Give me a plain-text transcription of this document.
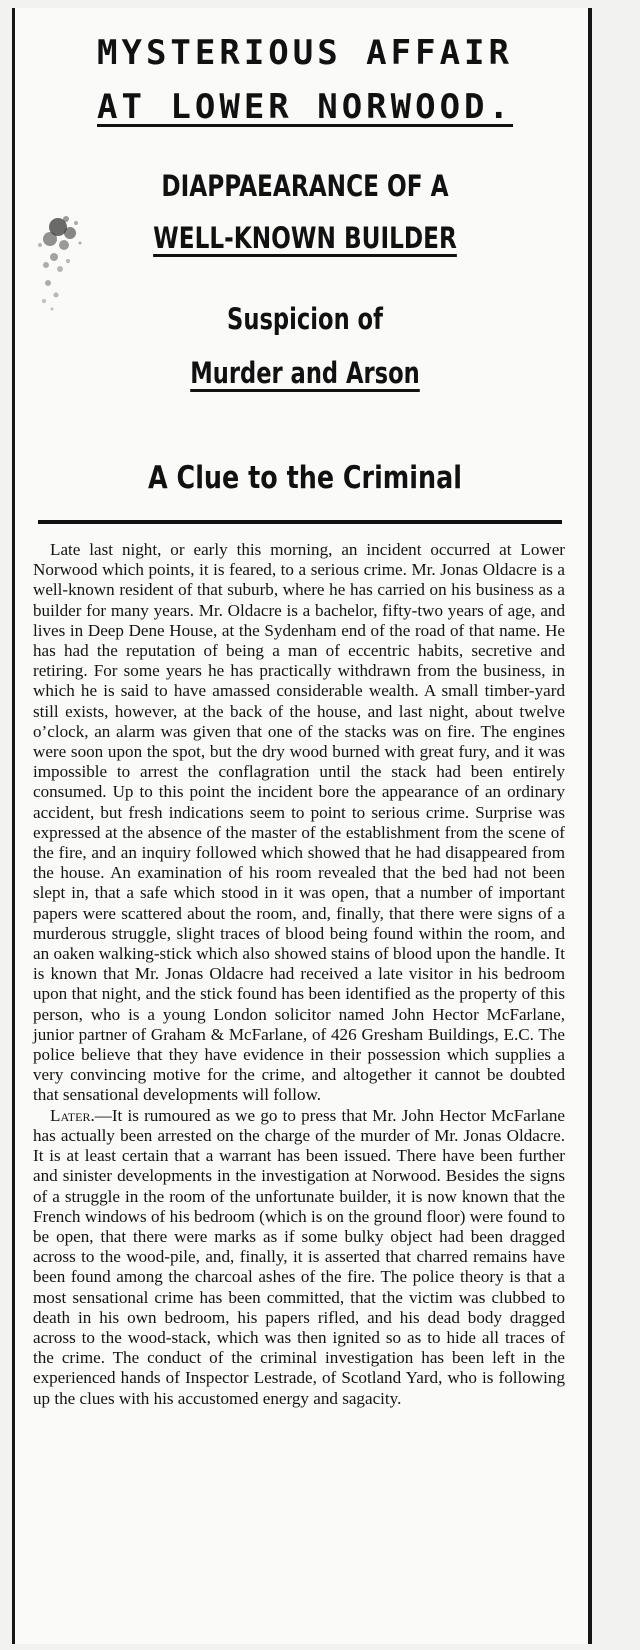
MYSTERIOUS AFFAIR
AT LOWER NORWOOD.
DIAPPAEARANCE OF A
WELL-KNOWN BUILDER
Suspicion of
Murder and Arson
A Clue to the Criminal

Late last night, or early this morning, an incident occurred at Lower Norwood which points, it is feared, to a serious crime. Mr. Jonas Oldacre is a well-known resident of that suburb, where he has carried on his business as a builder for many years. Mr. Oldacre is a bachelor, fifty-two years of age, and lives in Deep Dene House, at the Sydenham end of the road of that name. He has had the reputation of being a man of eccentric habits, secretive and retiring. For some years he has practically withdrawn from the business, in which he is said to have amassed considerable wealth. A small timber-yard still exists, however, at the back of the house, and last night, about twelve o’clock, an alarm was given that one of the stacks was on fire. The engines were soon upon the spot, but the dry wood burned with great fury, and it was impossible to arrest the conflagration until the stack had been entirely consumed. Up to this point the incident bore the appearance of an ordinary accident, but fresh indications seem to point to serious crime. Surprise was expressed at the absence of the master of the establishment from the scene of the fire, and an inquiry followed which showed that he had disappeared from the house. An examination of his room revealed that the bed had not been slept in, that a safe which stood in it was open, that a number of important papers were scattered about the room, and, finally, that there were signs of a murderous struggle, slight traces of blood being found within the room, and an oaken walking-stick which also showed stains of blood upon the handle. It is known that Mr. Jonas Oldacre had received a late visitor in his bedroom upon that night, and the stick found has been identified as the property of this person, who is a young London solicitor named John Hector McFarlane, junior partner of Graham & McFarlane, of 426 Gresham Buildings, E.C. The police believe that they have evidence in their possession which supplies a very convincing motive for the crime, and altogether it cannot be doubted that sensational developments will follow.

Later.—It is rumoured as we go to press that Mr. John Hector McFarlane has actually been arrested on the charge of the murder of Mr. Jonas Oldacre. It is at least certain that a warrant has been issued. There have been further and sinister developments in the investigation at Norwood. Besides the signs of a struggle in the room of the unfortunate builder, it is now known that the French windows of his bedroom (which is on the ground floor) were found to be open, that there were marks as if some bulky object had been dragged across to the wood-pile, and, finally, it is asserted that charred remains have been found among the charcoal ashes of the fire. The police theory is that a most sensational crime has been committed, that the victim was clubbed to death in his own bedroom, his papers rifled, and his dead body dragged across to the wood-stack, which was then ignited so as to hide all traces of the crime. The conduct of the criminal investigation has been left in the experienced hands of Inspector Lestrade, of Scotland Yard, who is following up the clues with his accustomed energy and sagacity.
